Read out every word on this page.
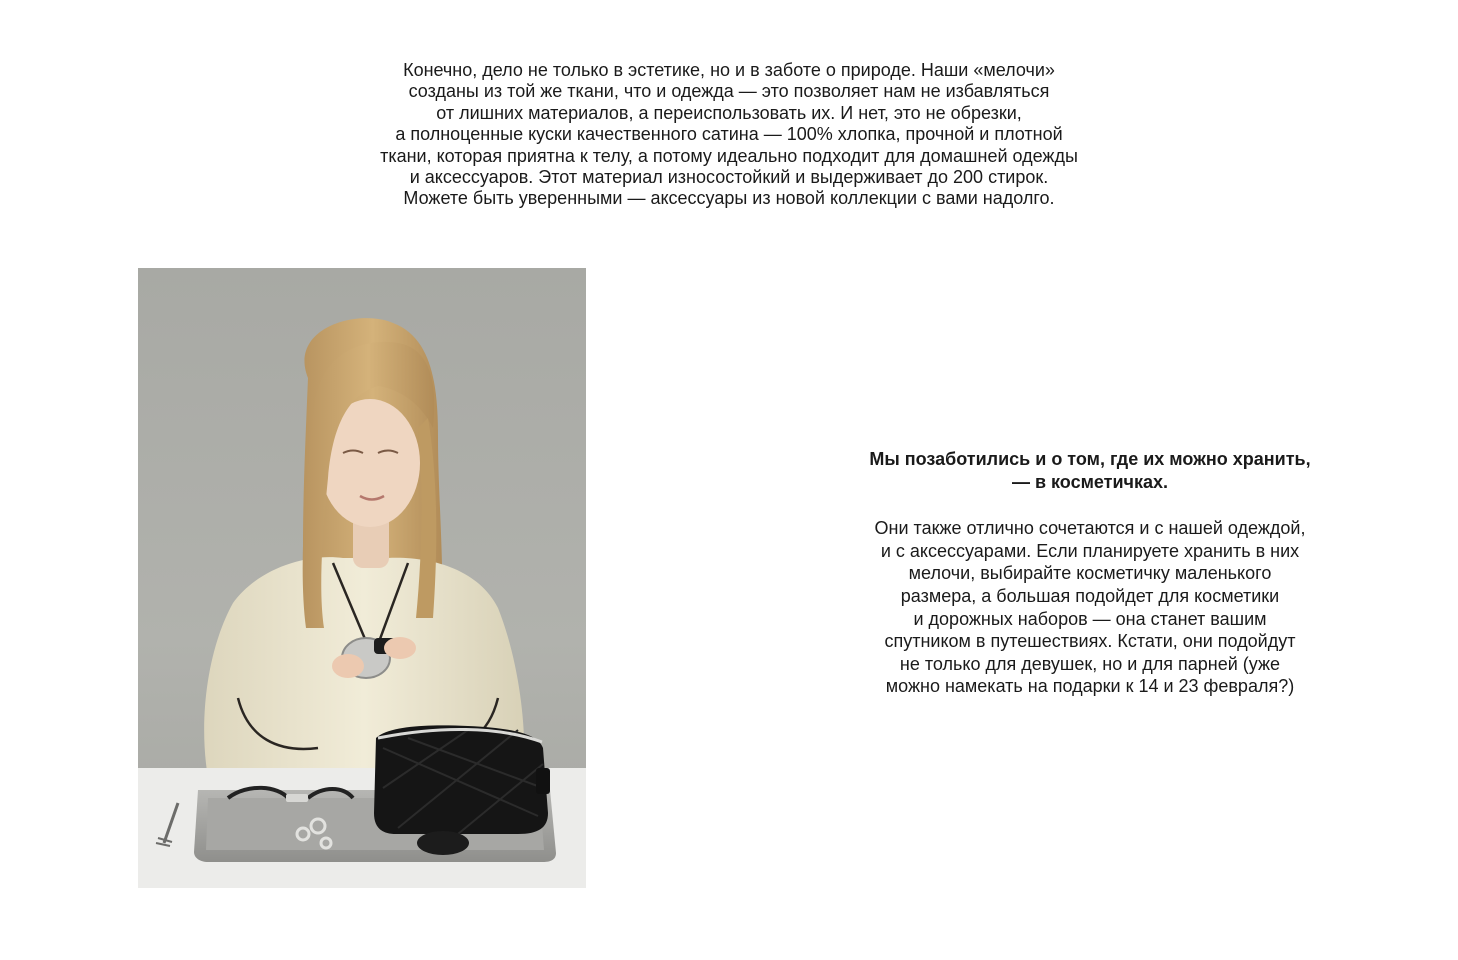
Конечно, дело не только в эстетике, но и в заботе о природе. Наши «мелочи»
созданы из той же ткани, что и одежда — это позволяет нам не избавляться
от лишних материалов, а переиспользовать их. И нет, это не обрезки,
а полноценные куски качественного сатина — 100% хлопка, прочной и плотной
ткани, которая приятна к телу, а потому идеально подходит для домашней одежды
и аксессуаров. Этот материал износостойкий и выдерживает до 200 стирок.
Можете быть уверенными — аксессуары из новой коллекции с вами надолго.

Мы позаботились и о том, где их можно хранить,
— в косметичках.

Они также отлично сочетаются и с нашей одеждой,
и с аксессуарами. Если планируете хранить в них
мелочи, выбирайте косметичку маленького
размера, а большая подойдет для косметики
и дорожных наборов — она станет вашим
спутником в путешествиях. Кстати, они подойдут
не только для девушек, но и для парней (уже
можно намекать на подарки к 14 и 23 февраля?)
